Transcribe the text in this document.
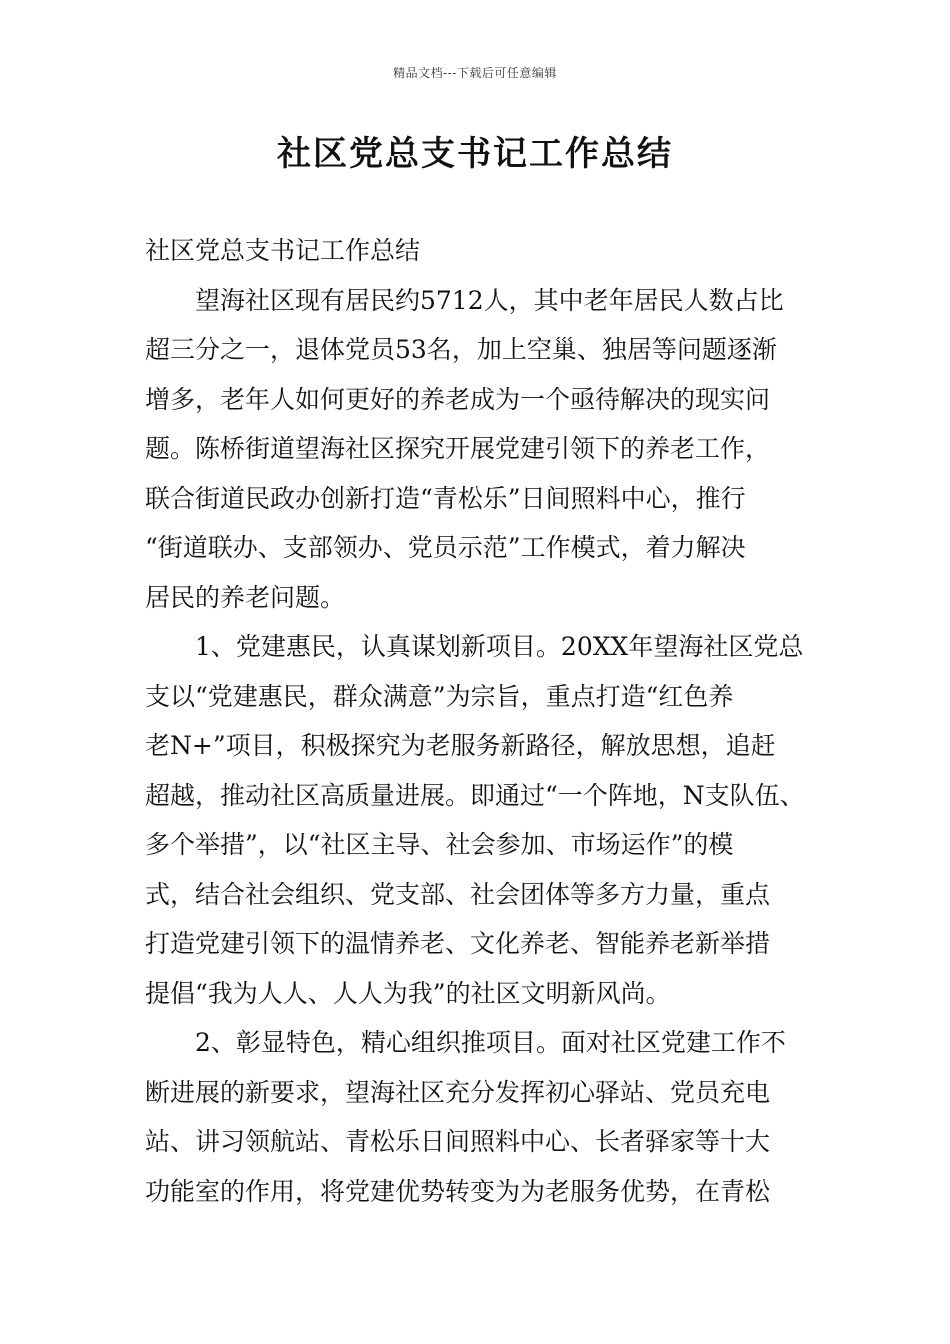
精品文档---下载后可任意编辑
社区党总支书记工作总结
社区党总支书记工作总结
望海社区现有居民约5712人，其中老年居民人数占比
超三分之一，退体党员53名，加上空巢、独居等问题逐渐
增多，老年人如何更好的养老成为一个亟待解决的现实问
题。陈桥街道望海社区探究开展党建引领下的养老工作，
联合街道民政办创新打造“青松乐”日间照料中心，推行
“街道联办、支部领办、党员示范”工作模式，着力解决
居民的养老问题。
1、党建惠民，认真谋划新项目。20XX年望海社区党总
支以“党建惠民，群众满意”为宗旨，重点打造“红色养
老N+”项目，积极探究为老服务新路径，解放思想，追赶
超越，推动社区高质量进展。即通过“一个阵地，N支队伍、
多个举措”，以“社区主导、社会参加、市场运作”的模
式，结合社会组织、党支部、社会团体等多方力量，重点
打造党建引领下的温情养老、文化养老、智能养老新举措
提倡“我为人人、人人为我”的社区文明新风尚。
2、彰显特色，精心组织推项目。面对社区党建工作不
断进展的新要求，望海社区充分发挥初心驿站、党员充电
站、讲习领航站、青松乐日间照料中心、长者驿家等十大
功能室的作用，将党建优势转变为为老服务优势，在青松
